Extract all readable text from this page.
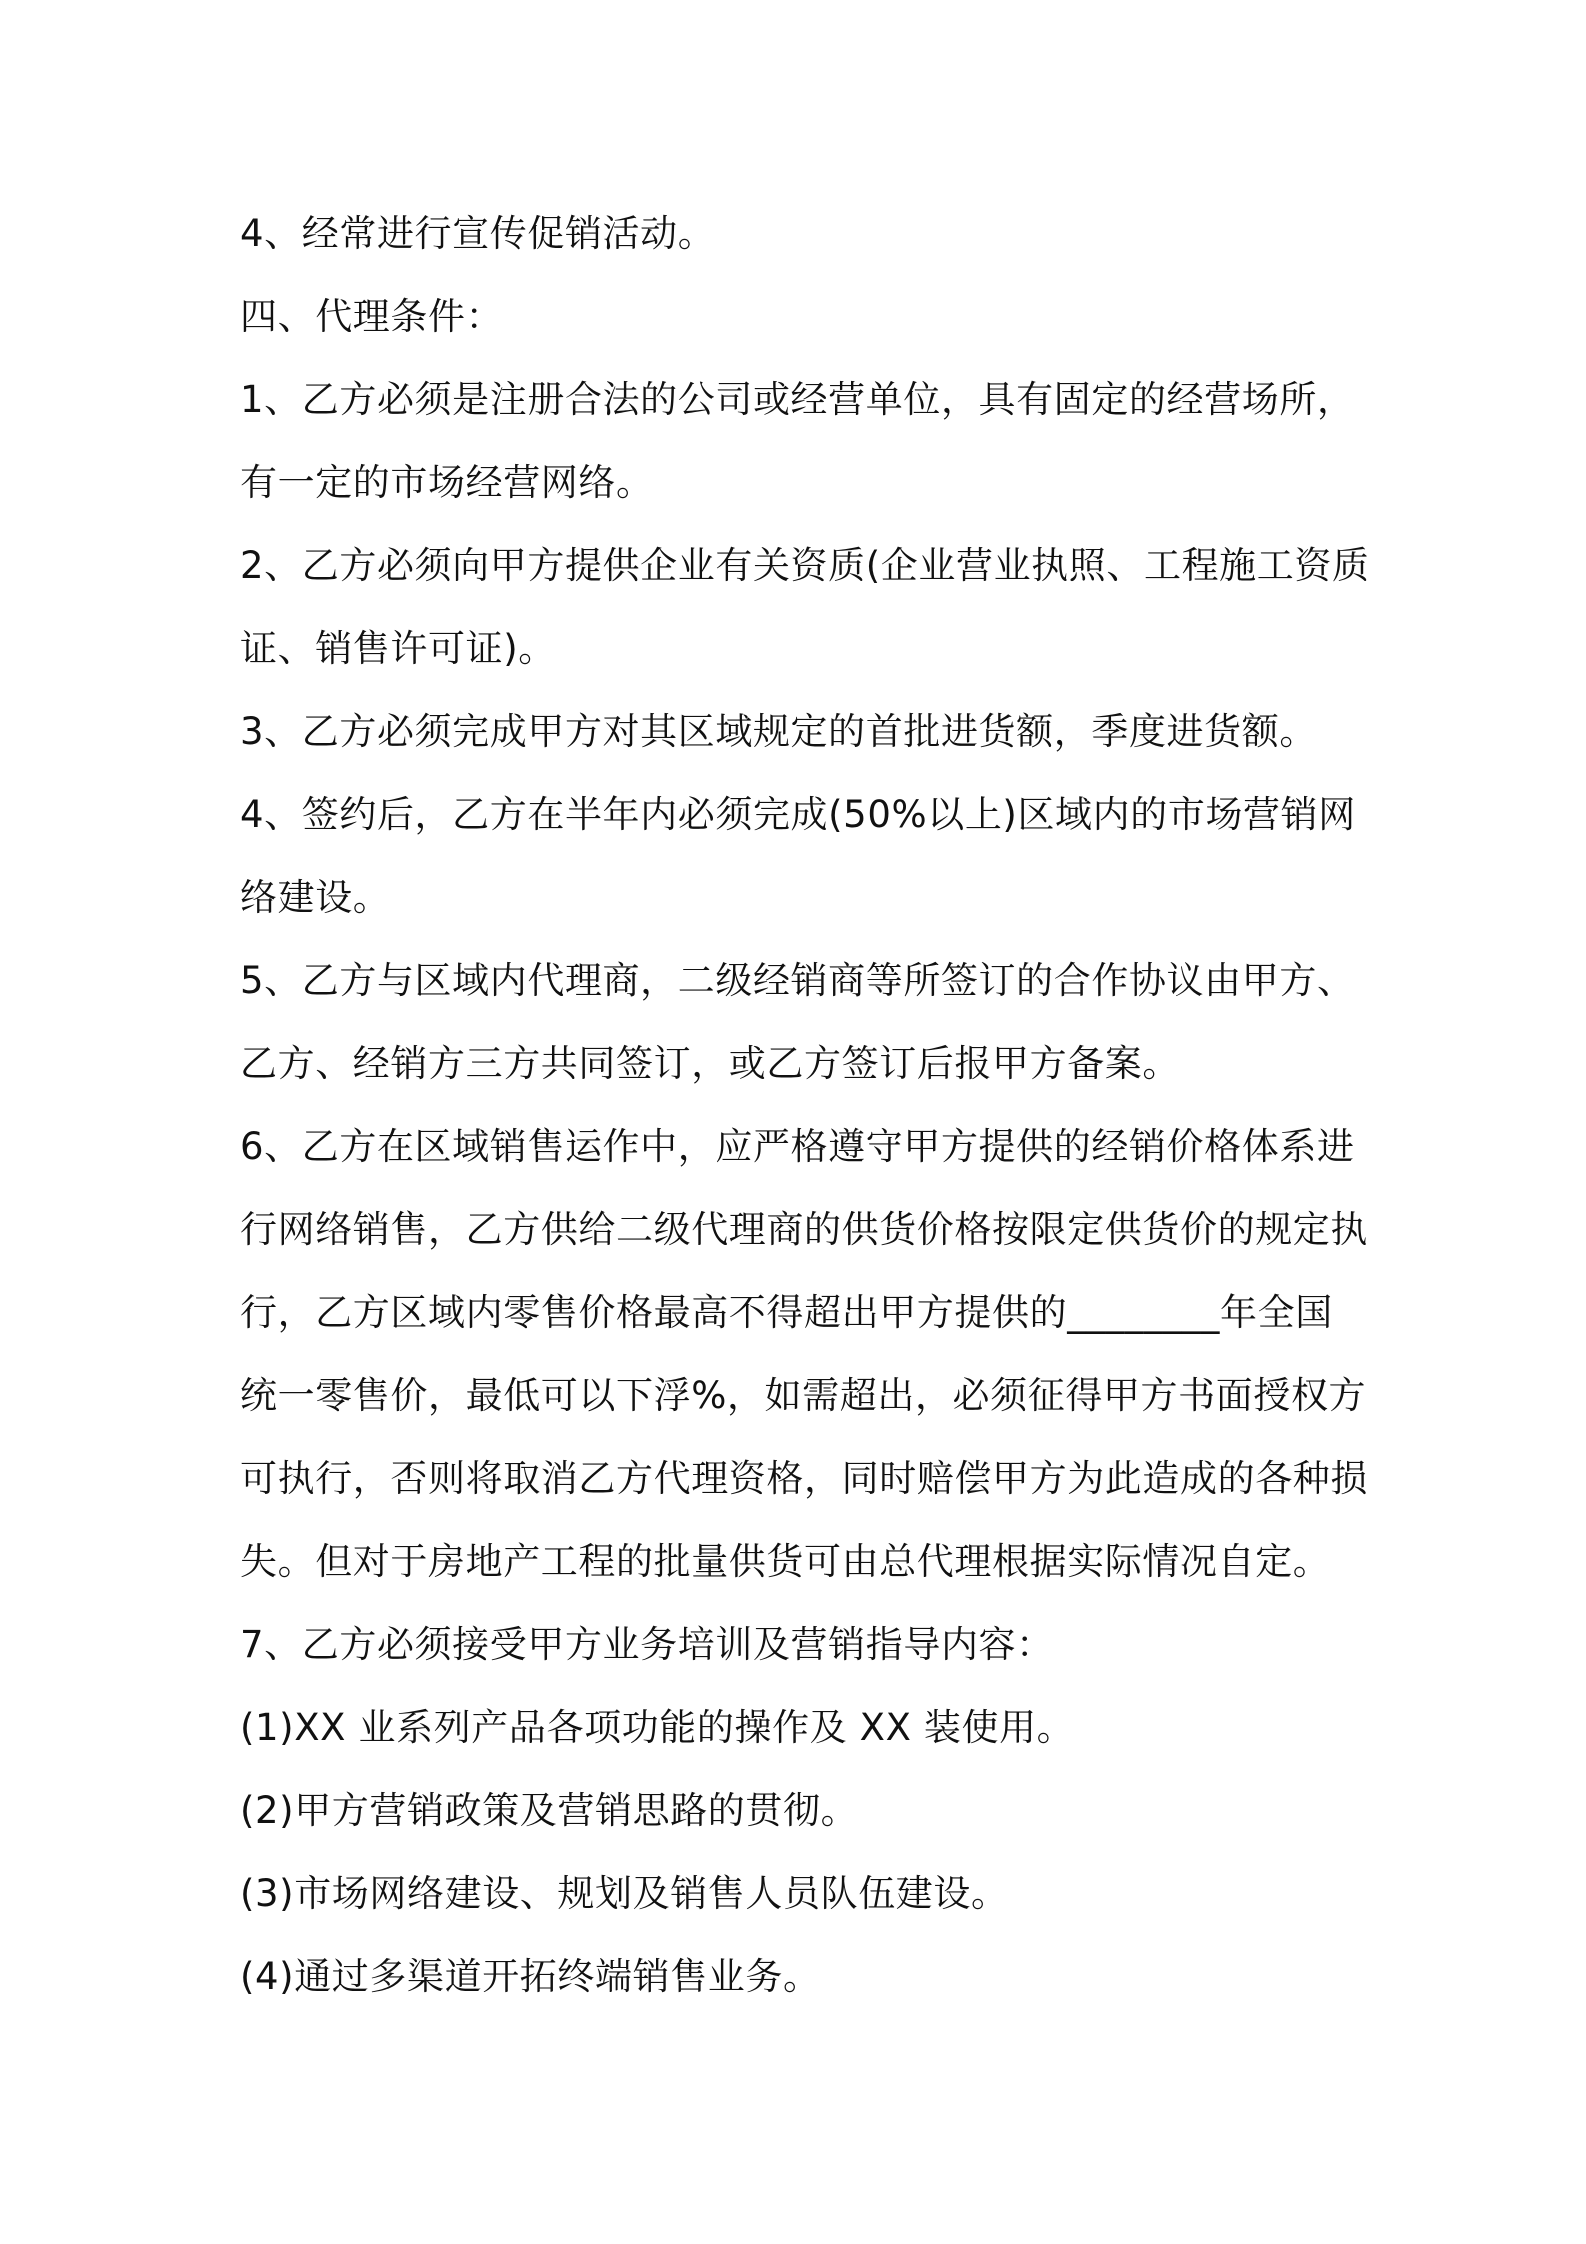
4、经常进行宣传促销活动。

四、代理条件：

1、乙方必须是注册合法的公司或经营单位，具有固定的经营场所，有一定的市场经营网络。

2、乙方必须向甲方提供企业有关资质(企业营业执照、工程施工资质证、销售许可证)。

3、乙方必须完成甲方对其区域规定的首批进货额，季度进货额。

4、签约后，乙方在半年内必须完成(50%以上)区域内的市场营销网络建设。

5、乙方与区域内代理商，二级经销商等所签订的合作协议由甲方、乙方、经销方三方共同签订，或乙方签订后报甲方备案。

6、乙方在区域销售运作中，应严格遵守甲方提供的经销价格体系进行网络销售，乙方供给二级代理商的供货价格按限定供货价的规定执行，乙方区域内零售价格最高不得超出甲方提供的________年全国统一零售价，最低可以下浮%，如需超出，必须征得甲方书面授权方可执行，否则将取消乙方代理资格，同时赔偿甲方为此造成的各种损失。但对于房地产工程的批量供货可由总代理根据实际情况自定。

7、乙方必须接受甲方业务培训及营销指导内容：

(1)XX 业系列产品各项功能的操作及 XX 装使用。

(2)甲方营销政策及营销思路的贯彻。

(3)市场网络建设、规划及销售人员队伍建设。

(4)通过多渠道开拓终端销售业务。
